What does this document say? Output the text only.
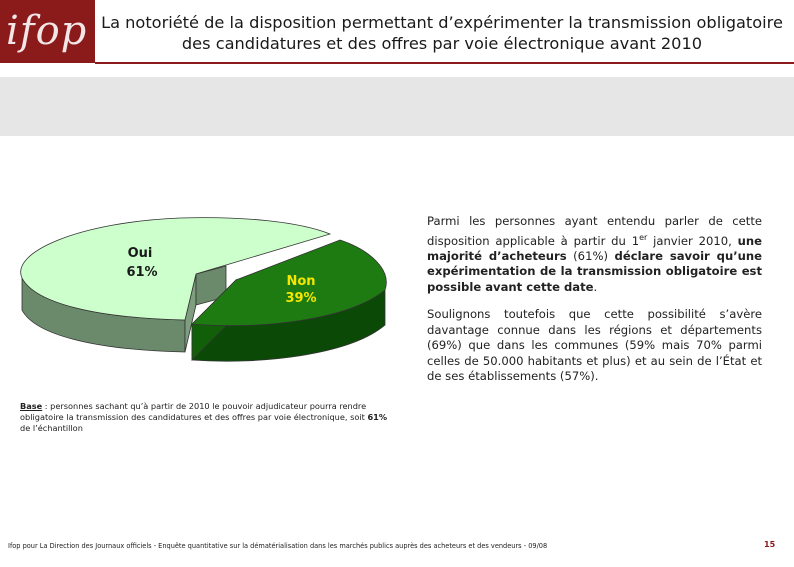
ifop La notoriété de la disposition permettant d’expérimenter la transmission obligatoire des candidatures et des offres par voie électronique avant 2010
Oui
61%
Non
39%
Base : personnes sachant qu’à partir de 2010 le pouvoir adjudicateur pourra rendre obligatoire la transmission des candidatures et des offres par voie électronique, soit 61% de l’échantillon

Parmi les personnes ayant entendu parler de cette disposition applicable à partir du 1er janvier 2010, une majorité d’acheteurs (61%) déclare savoir qu’une expérimentation de la transmission obligatoire est possible avant cette date.

Soulignons toutefois que cette possibilité s’avère davantage connue dans les régions et départements (69%) que dans les communes (59% mais 70% parmi celles de 50.000 habitants et plus) et au sein de l’État et de ses établissements (57%).

Ifop pour La Direction des Journaux officiels - Enquête quantitative sur la dématérialisation dans les marchés publics auprès des acheteurs et des vendeurs - 09/08	15
